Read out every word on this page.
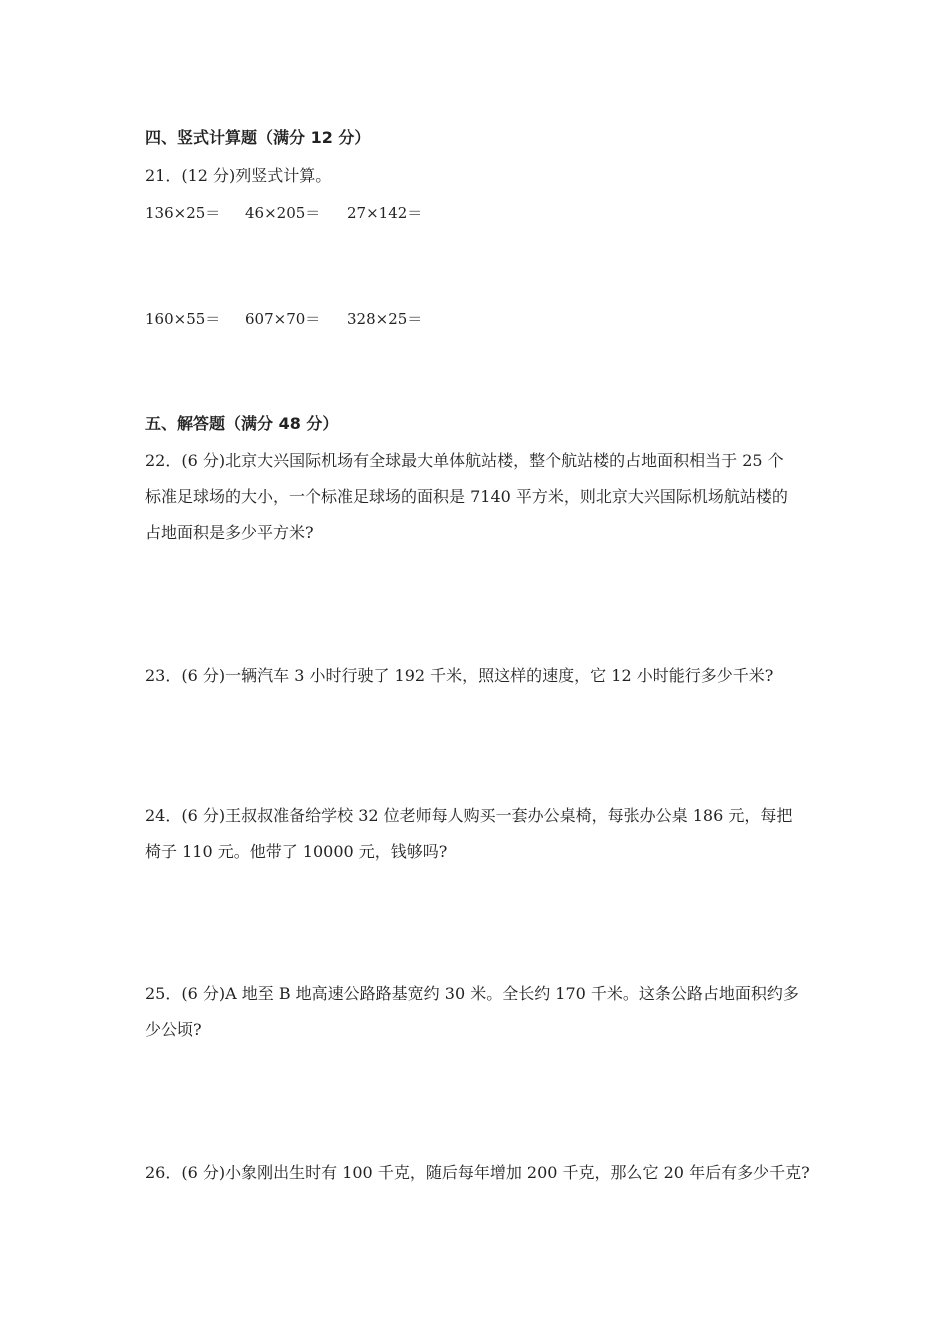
四、竖式计算题（满分 12 分）
21．(12 分)列竖式计算。
136×25＝ 46×205＝ 27×142＝
160×55＝ 607×70＝ 328×25＝
五、解答题（满分 48 分）
22．(6 分)北京大兴国际机场有全球最大单体航站楼，整个航站楼的占地面积相当于 25 个
标准足球场的大小，一个标准足球场的面积是 7140 平方米，则北京大兴国际机场航站楼的
占地面积是多少平方米?
23．(6 分)一辆汽车 3 小时行驶了 192 千米，照这样的速度，它 12 小时能行多少千米?
24．(6 分)王叔叔准备给学校 32 位老师每人购买一套办公桌椅，每张办公桌 186 元，每把
椅子 110 元。他带了 10000 元，钱够吗?
25．(6 分)A 地至 B 地高速公路路基宽约 30 米。全长约 170 千米。这条公路占地面积约多
少公顷?
26．(6 分)小象刚出生时有 100 千克，随后每年增加 200 千克，那么它 20 年后有多少千克?
